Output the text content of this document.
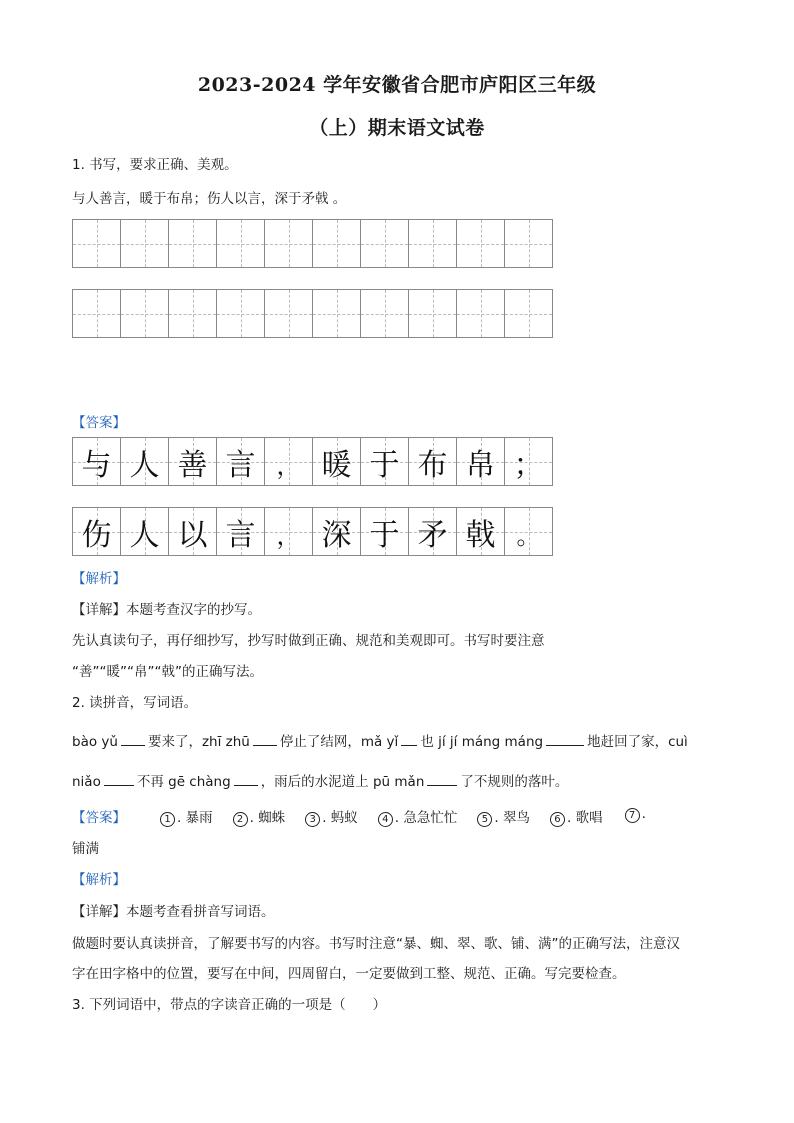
2023-2024 学年安徽省合肥市庐阳区三年级
（上）期末语文试卷
1. 书写，要求正确、美观。
与人善言，暖于布帛；伤人以言，深于矛戟 。
【答案】
与 人 善 言 ， 暖 于 布 帛 ；
伤 人 以 言 ， 深 于 矛 戟 。
【解析】
【详解】本题考查汉字的抄写。
先认真读句子，再仔细抄写，抄写时做到正确、规范和美观即可。书写时要注意
“善”“暖”“帛”“戟”的正确写法。
2. 读拼音，写词语。
bào yǔ 要来了，zhī zhū 停止了结网，mǎ yǐ 也 jí jí máng máng	地赶回了家，cuì
niǎo	不再 gē chàng ，雨后的水泥道上 pū mǎn	了不规则的落叶。
【答案】	1 . 暴雨	2 . 蜘蛛	3 . 蚂蚁	4 . 急急忙忙	5 . 翠鸟	6 . 歌唱	7 .
铺满
【解析】
【详解】本题考查看拼音写词语。
做题时要认真读拼音，了解要书写的内容。书写时注意“暴、蜘、翠、歌、铺、满”的正确写法，注意汉
字在田字格中的位置，要写在中间，四周留白，一定要做到工整、规范、正确。写完要检查。
3. 下列词语中，带点的字读音正确的一项是（　　）
